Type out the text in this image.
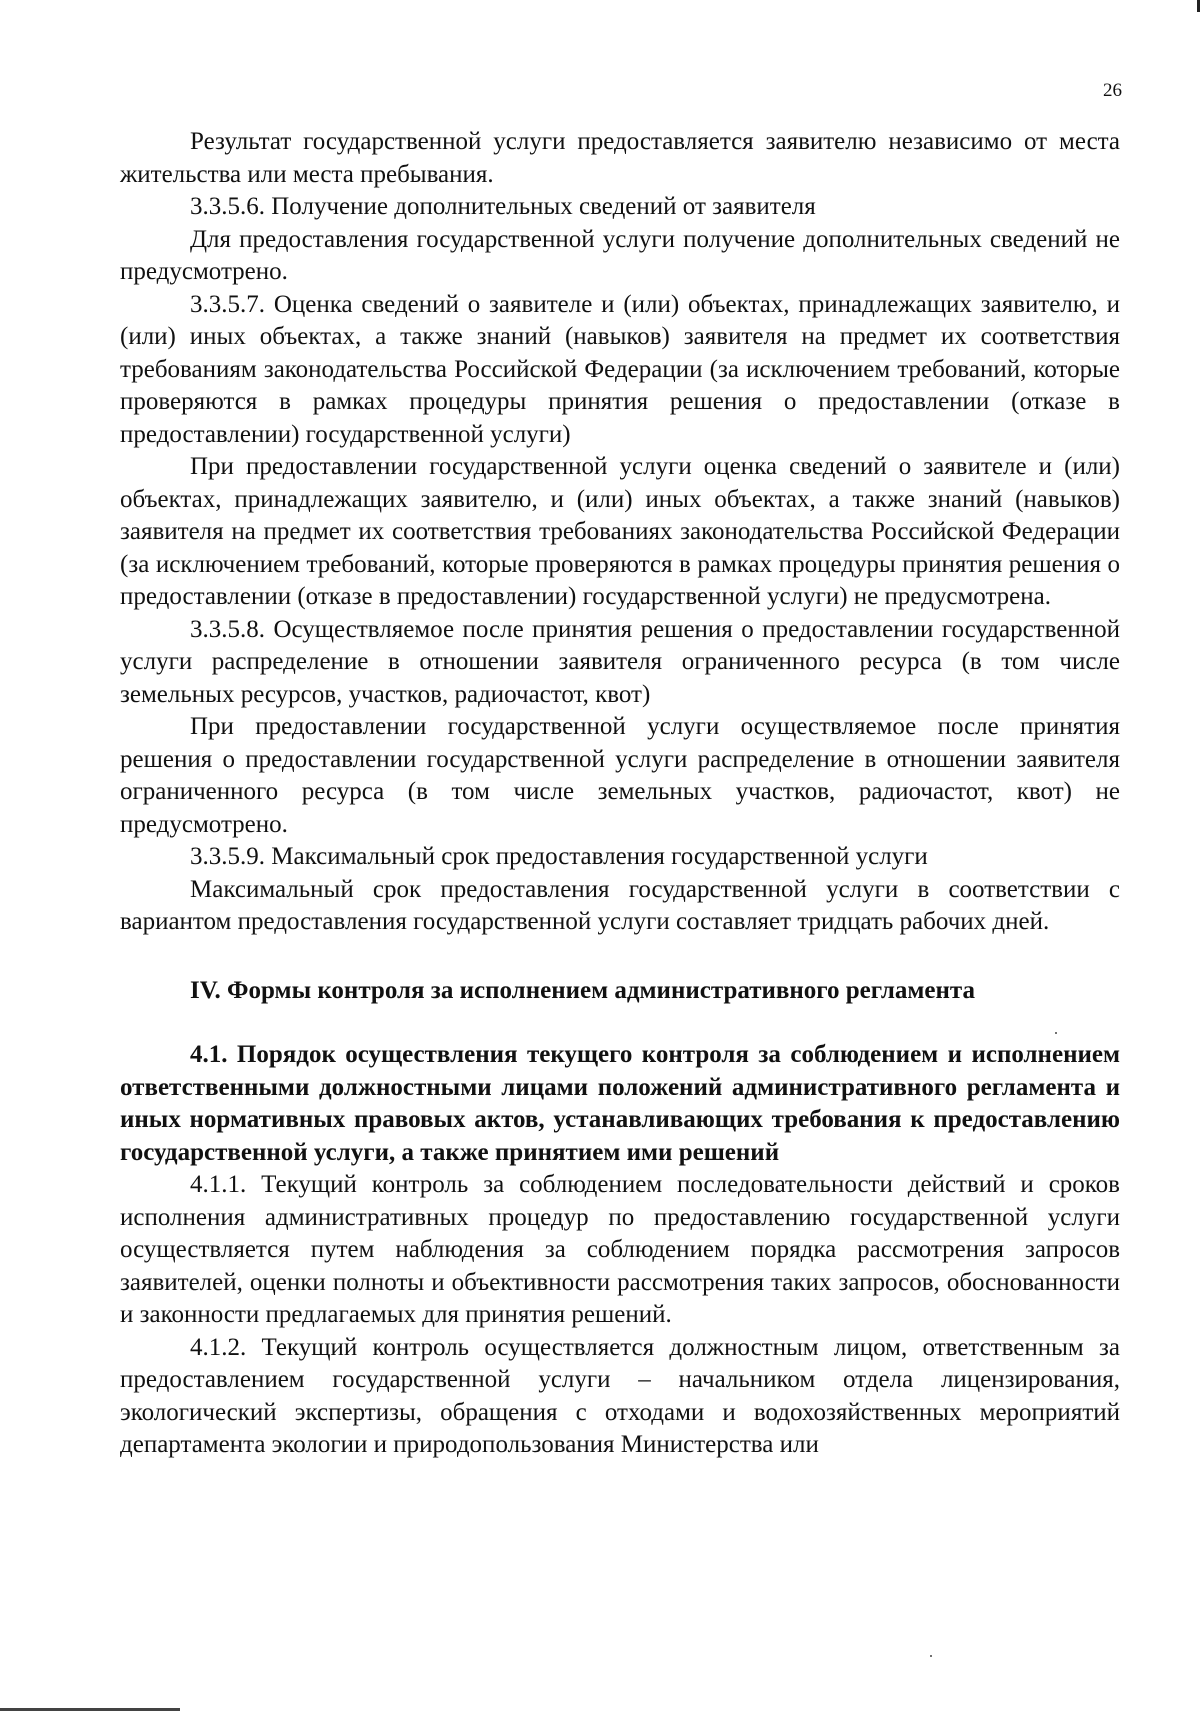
26

Результат государственной услуги предоставляется заявителю независимо от места жительства или места пребывания.

3.3.5.6. Получение дополнительных сведений от заявителя

Для предоставления государственной услуги получение дополнительных сведений не предусмотрено.

3.3.5.7. Оценка сведений о заявителе и (или) объектах, принадлежащих заявителю, и (или) иных объектах, а также знаний (навыков) заявителя на предмет их соответствия требованиям законодательства Российской Федерации (за исключением требований, которые проверяются в рамках процедуры принятия решения о предоставлении (отказе в предоставлении) государственной услуги)

При предоставлении государственной услуги оценка сведений о заявителе и (или) объектах, принадлежащих заявителю, и (или) иных объектах, а также знаний (навыков) заявителя на предмет их соответствия требованиях законодательства Российской Федерации (за исключением требований, которые проверяются в рамках процедуры принятия решения о предоставлении (отказе в предоставлении) государственной услуги) не предусмотрена.

3.3.5.8. Осуществляемое после принятия решения о предоставлении государственной услуги распределение в отношении заявителя ограниченного ресурса (в том числе земельных ресурсов, участков, радиочастот, квот)

При предоставлении государственной услуги осуществляемое после принятия решения о предоставлении государственной услуги распределение в отношении заявителя ограниченного ресурса (в том числе земельных участков, радиочастот, квот) не предусмотрено.

3.3.5.9. Максимальный срок предоставления государственной услуги

Максимальный срок предоставления государственной услуги в соответствии с вариантом предоставления государственной услуги составляет тридцать рабочих дней.

IV. Формы контроля за исполнением административного регламента

4.1. Порядок осуществления текущего контроля за соблюдением и исполнением ответственными должностными лицами положений административного регламента и иных нормативных правовых актов, устанавливающих требования к предоставлению государственной услуги, а также принятием ими решений

4.1.1. Текущий контроль за соблюдением последовательности действий и сроков исполнения административных процедур по предоставлению государственной услуги осуществляется путем наблюдения за соблюдением порядка рассмотрения запросов заявителей, оценки полноты и объективности рассмотрения таких запросов, обоснованности и законности предлагаемых для принятия решений.

4.1.2. Текущий контроль осуществляется должностным лицом, ответственным за предоставлением государственной услуги – начальником отдела лицензирования, экологический экспертизы, обращения с отходами и водохозяйственных мероприятий департамента экологии и природопользования Министерства или
